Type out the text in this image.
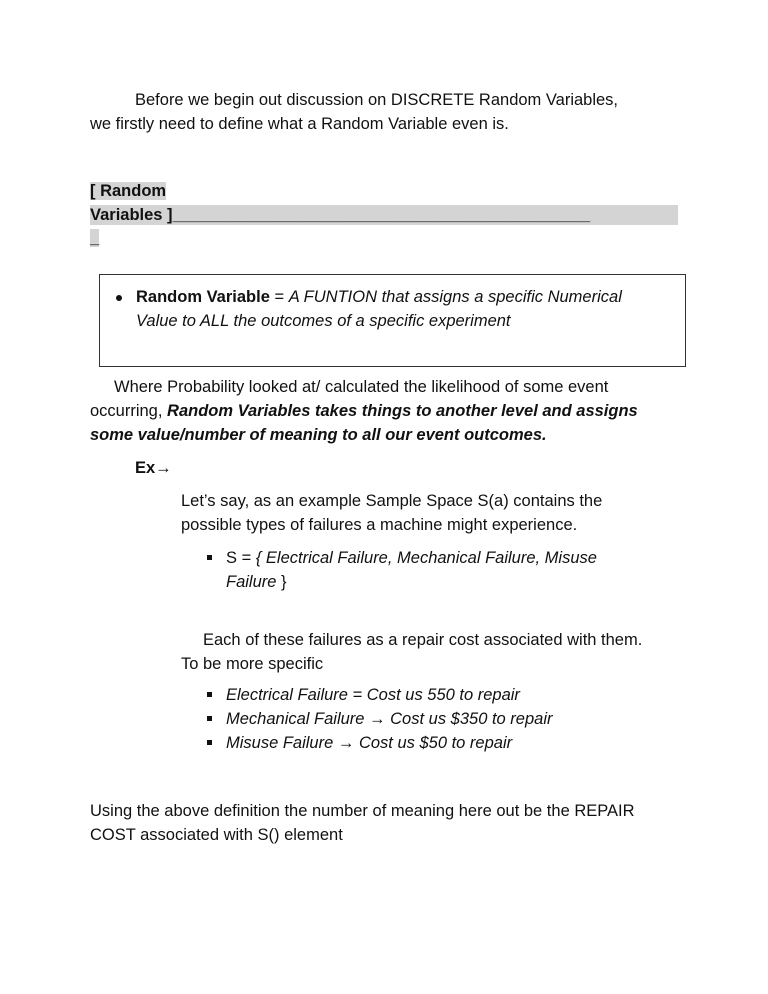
Before we begin out discussion on DISCRETE Random Variables,
we firstly need to define what a Random Variable even is.
[ Random
Variables ]_______________________________________________
_
Random Variable = A FUNTION that assigns a specific Numerical
Value to ALL the outcomes of a specific experiment
Where Probability looked at/ calculated the likelihood of some event
occurring, Random Variables takes things to another level and assigns
some value/number of meaning to all our event outcomes.
Ex→
Let’s say, as an example Sample Space S(a) contains the
possible types of failures a machine might experience.
S = { Electrical Failure, Mechanical Failure, Misuse
Failure }
Each of these failures as a repair cost associated with them.
To be more specific
Electrical Failure = Cost us 550 to repair
Mechanical Failure → Cost us $350 to repair
Misuse Failure → Cost us $50 to repair
Using the above definition the number of meaning here out be the REPAIR
COST associated with S() element
